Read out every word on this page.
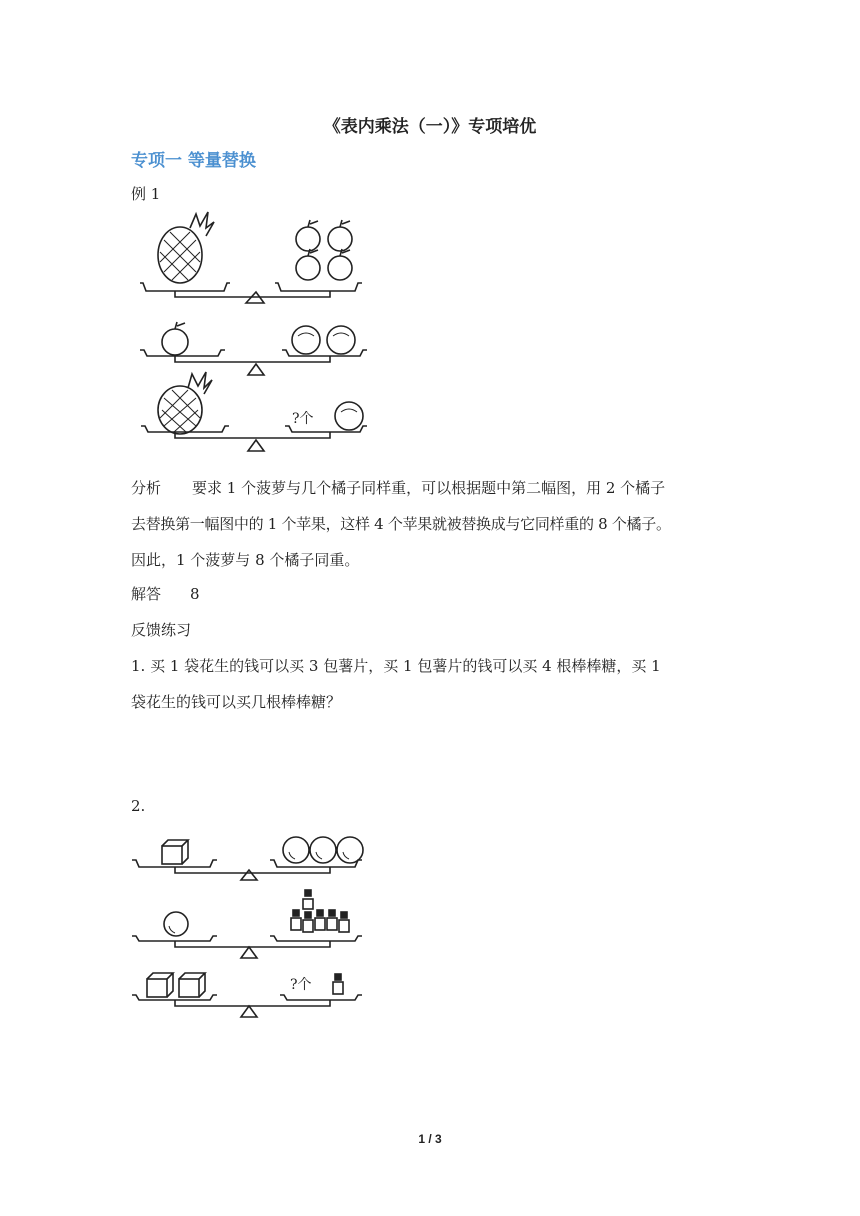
《表内乘法（一）》专项培优
专项一 等量替换
例 1
?个
分析	要求 1 个菠萝与几个橘子同样重，可以根据题中第二幅图，用 2 个橘子
去替换第一幅图中的 1 个苹果，这样 4 个苹果就被替换成与它同样重的 8 个橘子。
因此，1 个菠萝与 8 个橘子同重。
解答	8
反馈练习
1. 买 1 袋花生的钱可以买 3 包薯片，买 1 包薯片的钱可以买 4 根棒棒糖，买 1
袋花生的钱可以买几根棒棒糖？
2.
?个
1 / 3
